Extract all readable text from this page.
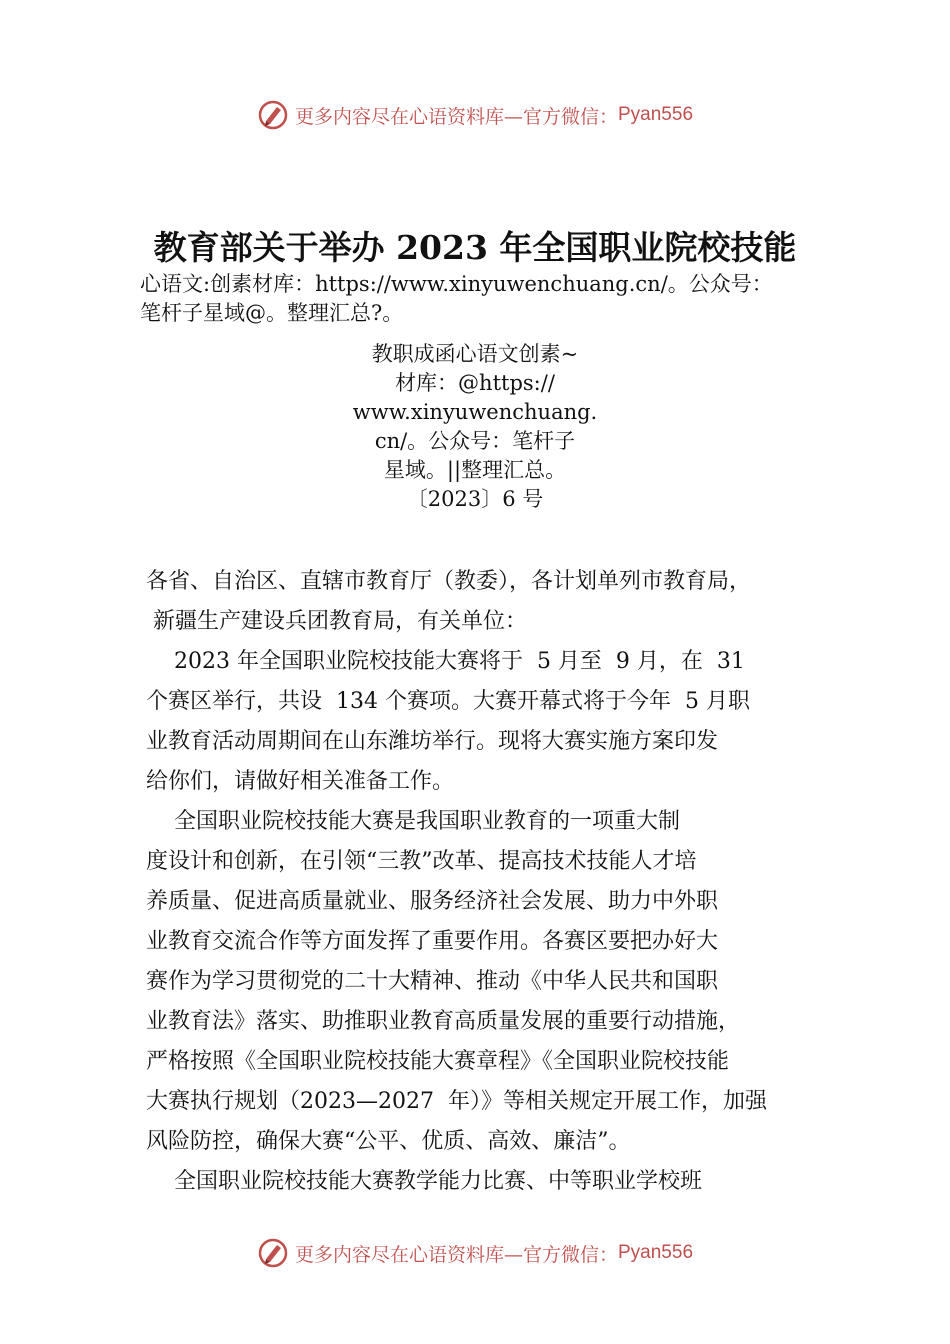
更多内容尽在心语资料库—官方微信： Pyan556
教育部关于举办 2023 年全国职业院校技能
心语文:创素材库：https://www.xinyuwenchuang.cn/。公众号：
笔杆子星域@。整理汇总?。
教职成函心语文创素~
材库：@https://
www.xinyuwenchuang.
cn/。公众号：笔杆子
星域。||整理汇总。
〔2023〕6 号
各省、自治区、直辖市教育厅（教委），各计划单列市教育局，
新疆生产建设兵团教育局，有关单位：
2023 年全国职业院校技能大赛将于  5 月至  9 月，在  31
个赛区举行，共设  134 个赛项。大赛开幕式将于今年  5 月职
业教育活动周期间在山东潍坊举行。现将大赛实施方案印发
给你们，请做好相关准备工作。
全国职业院校技能大赛是我国职业教育的一项重大制
度设计和创新，在引领“三教”改革、提高技术技能人才培
养质量、促进高质量就业、服务经济社会发展、助力中外职
业教育交流合作等方面发挥了重要作用。各赛区要把办好大
赛作为学习贯彻党的二十大精神、推动《中华人民共和国职
业教育法》落实、助推职业教育高质量发展的重要行动措施，
严格按照《全国职业院校技能大赛章程》《全国职业院校技能
大赛执行规划（2023—2027  年）》等相关规定开展工作，加强
风险防控，确保大赛“公平、优质、高效、廉洁”。
全国职业院校技能大赛教学能力比赛、中等职业学校班
更多内容尽在心语资料库—官方微信： Pyan556
